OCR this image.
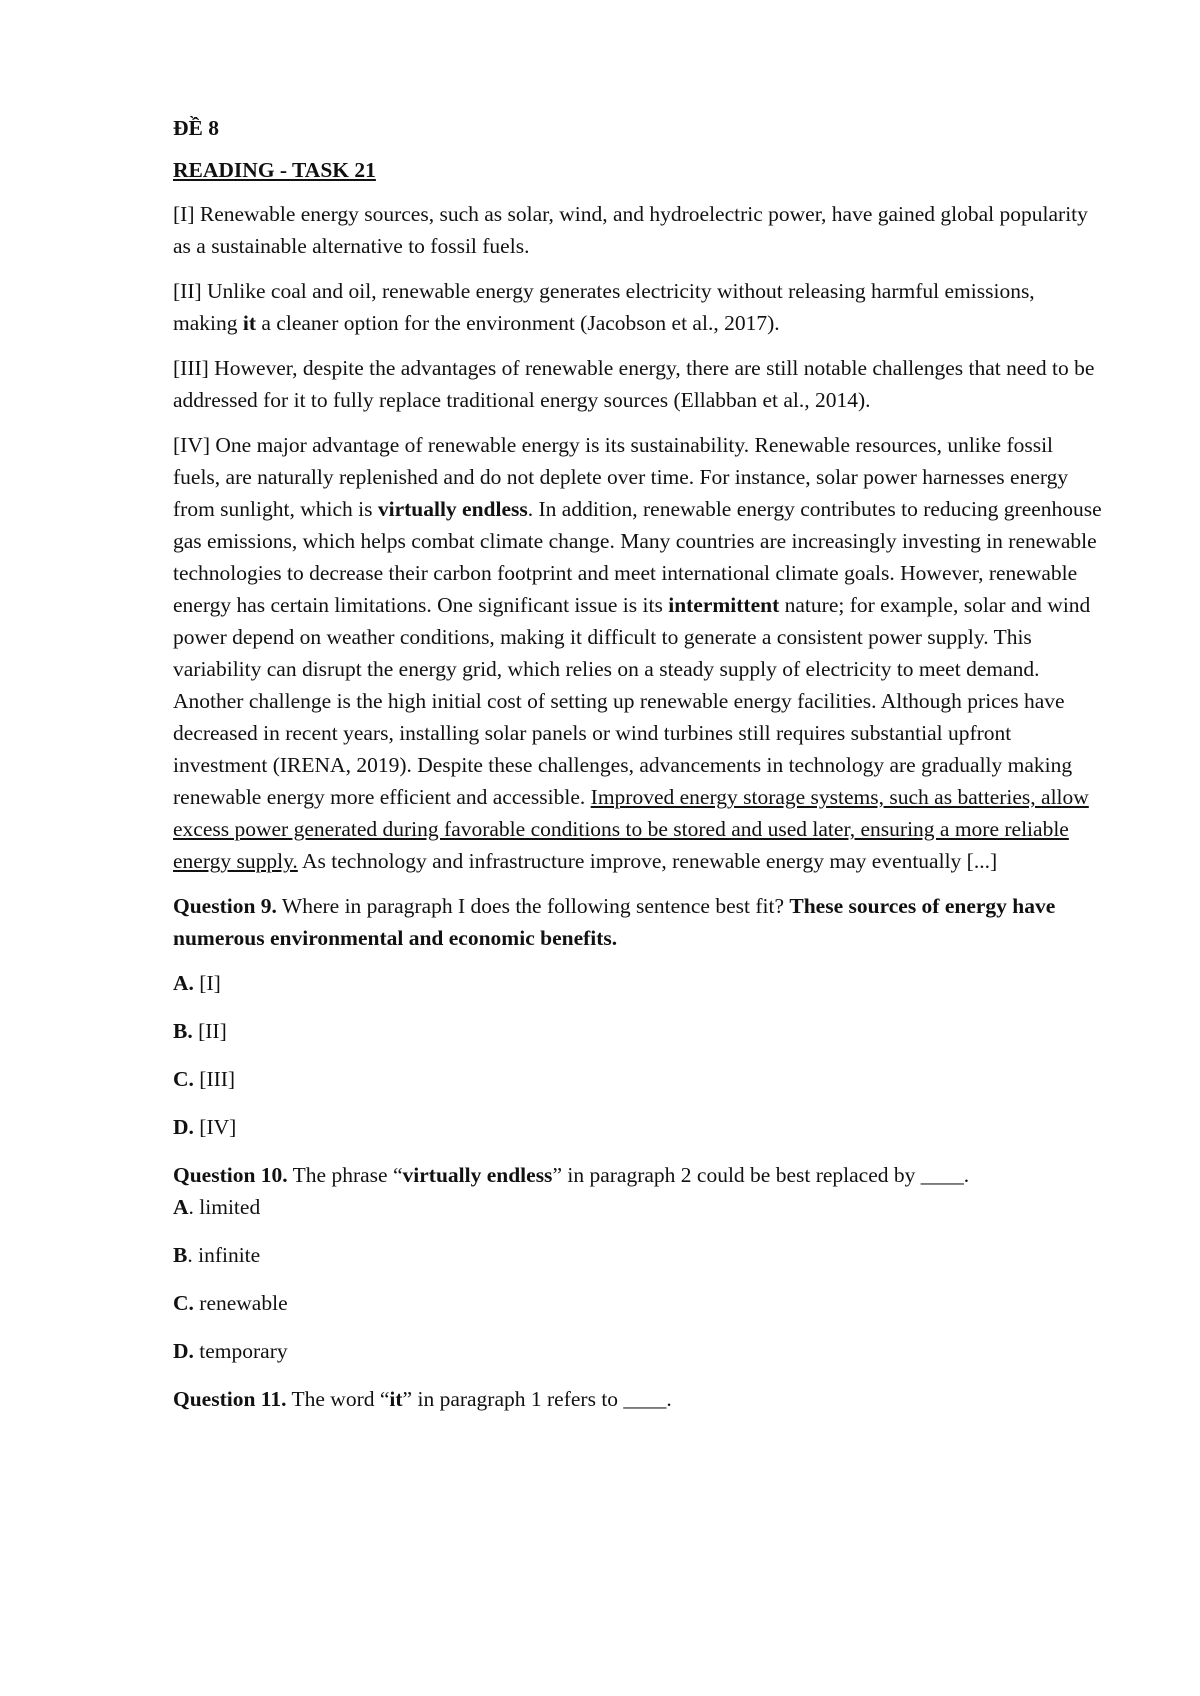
ĐỀ 8
READING - TASK 21

[I] Renewable energy sources, such as solar, wind, and hydroelectric power, have gained global popularity as a sustainable alternative to fossil fuels.

[II] Unlike coal and oil, renewable energy generates electricity without releasing harmful emissions, making it a cleaner option for the environment (Jacobson et al., 2017).

[III] However, despite the advantages of renewable energy, there are still notable challenges that need to be addressed for it to fully replace traditional energy sources (Ellabban et al., 2014).

[IV] One major advantage of renewable energy is its sustainability. Renewable resources, unlike fossil fuels, are naturally replenished and do not deplete over time. For instance, solar power harnesses energy from sunlight, which is virtually endless. In addition, renewable energy contributes to reducing greenhouse gas emissions, which helps combat climate change. Many countries are increasingly investing in renewable technologies to decrease their carbon footprint and meet international climate goals. However, renewable energy has certain limitations. One significant issue is its intermittent nature; for example, solar and wind power depend on weather conditions, making it difficult to generate a consistent power supply. This variability can disrupt the energy grid, which relies on a steady supply of electricity to meet demand. Another challenge is the high initial cost of setting up renewable energy facilities. Although prices have decreased in recent years, installing solar panels or wind turbines still requires substantial upfront investment (IRENA, 2019). Despite these challenges, advancements in technology are gradually making renewable energy more efficient and accessible. Improved energy storage systems, such as batteries, allow excess power generated during favorable conditions to be stored and used later, ensuring a more reliable energy supply. As technology and infrastructure improve, renewable energy may eventually [...]

Question 9. Where in paragraph I does the following sentence best fit? These sources of energy have numerous environmental and economic benefits.

A. [I]
B. [II]
C. [III]
D. [IV]
Question 10. The phrase “virtually endless” in paragraph 2 could be best replaced by ____.
A. limited
B. infinite
C. renewable
D. temporary
Question 11. The word “it” in paragraph 1 refers to ____.
